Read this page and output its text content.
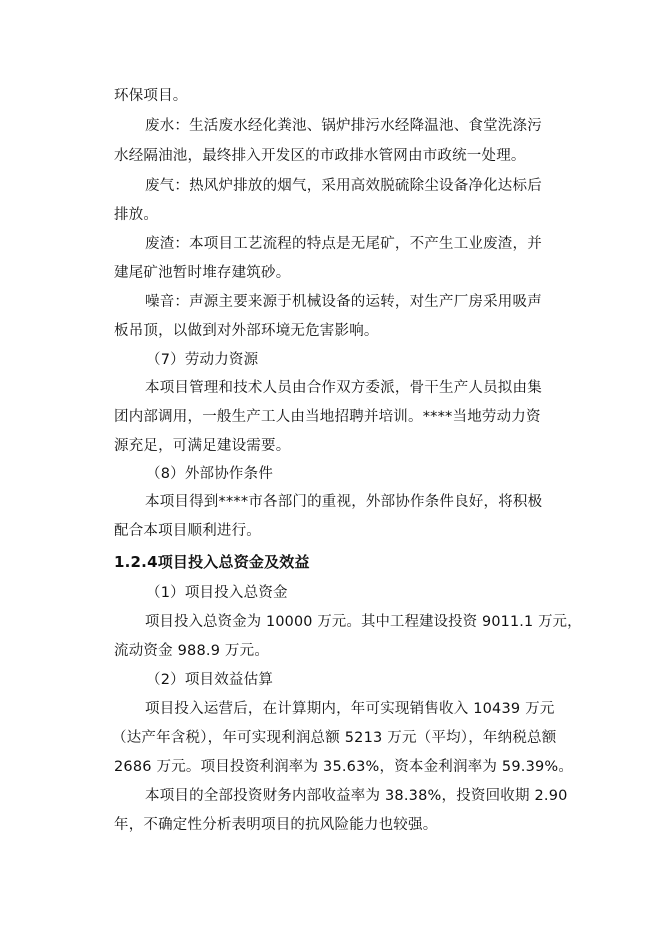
环保项目。
废水：生活废水经化粪池、锅炉排污水经降温池、食堂洗涤污
水经隔油池，最终排入开发区的市政排水管网由市政统一处理。
废气：热风炉排放的烟气，采用高效脱硫除尘设备净化达标后
排放。
废渣：本项目工艺流程的特点是无尾矿，不产生工业废渣，并
建尾矿池暂时堆存建筑砂。
噪音：声源主要来源于机械设备的运转，对生产厂房采用吸声
板吊顶，以做到对外部环境无危害影响。
（7）劳动力资源
本项目管理和技术人员由合作双方委派，骨干生产人员拟由集
团内部调用，一般生产工人由当地招聘并培训。****当地劳动力资
源充足，可满足建设需要。
（8）外部协作条件
本项目得到****市各部门的重视，外部协作条件良好，将积极
配合本项目顺利进行。
1.2.4项目投入总资金及效益
（1）项目投入总资金
项目投入总资金为 10000 万元。其中工程建设投资 9011.1 万元，
流动资金 988.9 万元。
（2）项目效益估算
项目投入运营后，在计算期内，年可实现销售收入 10439 万元
（达产年含税），年可实现利润总额 5213 万元（平均），年纳税总额
2686 万元。项目投资利润率为 35.63%，资本金利润率为 59.39%。
本项目的全部投资财务内部收益率为 38.38%，投资回收期 2.90
年，不确定性分析表明项目的抗风险能力也较强。
